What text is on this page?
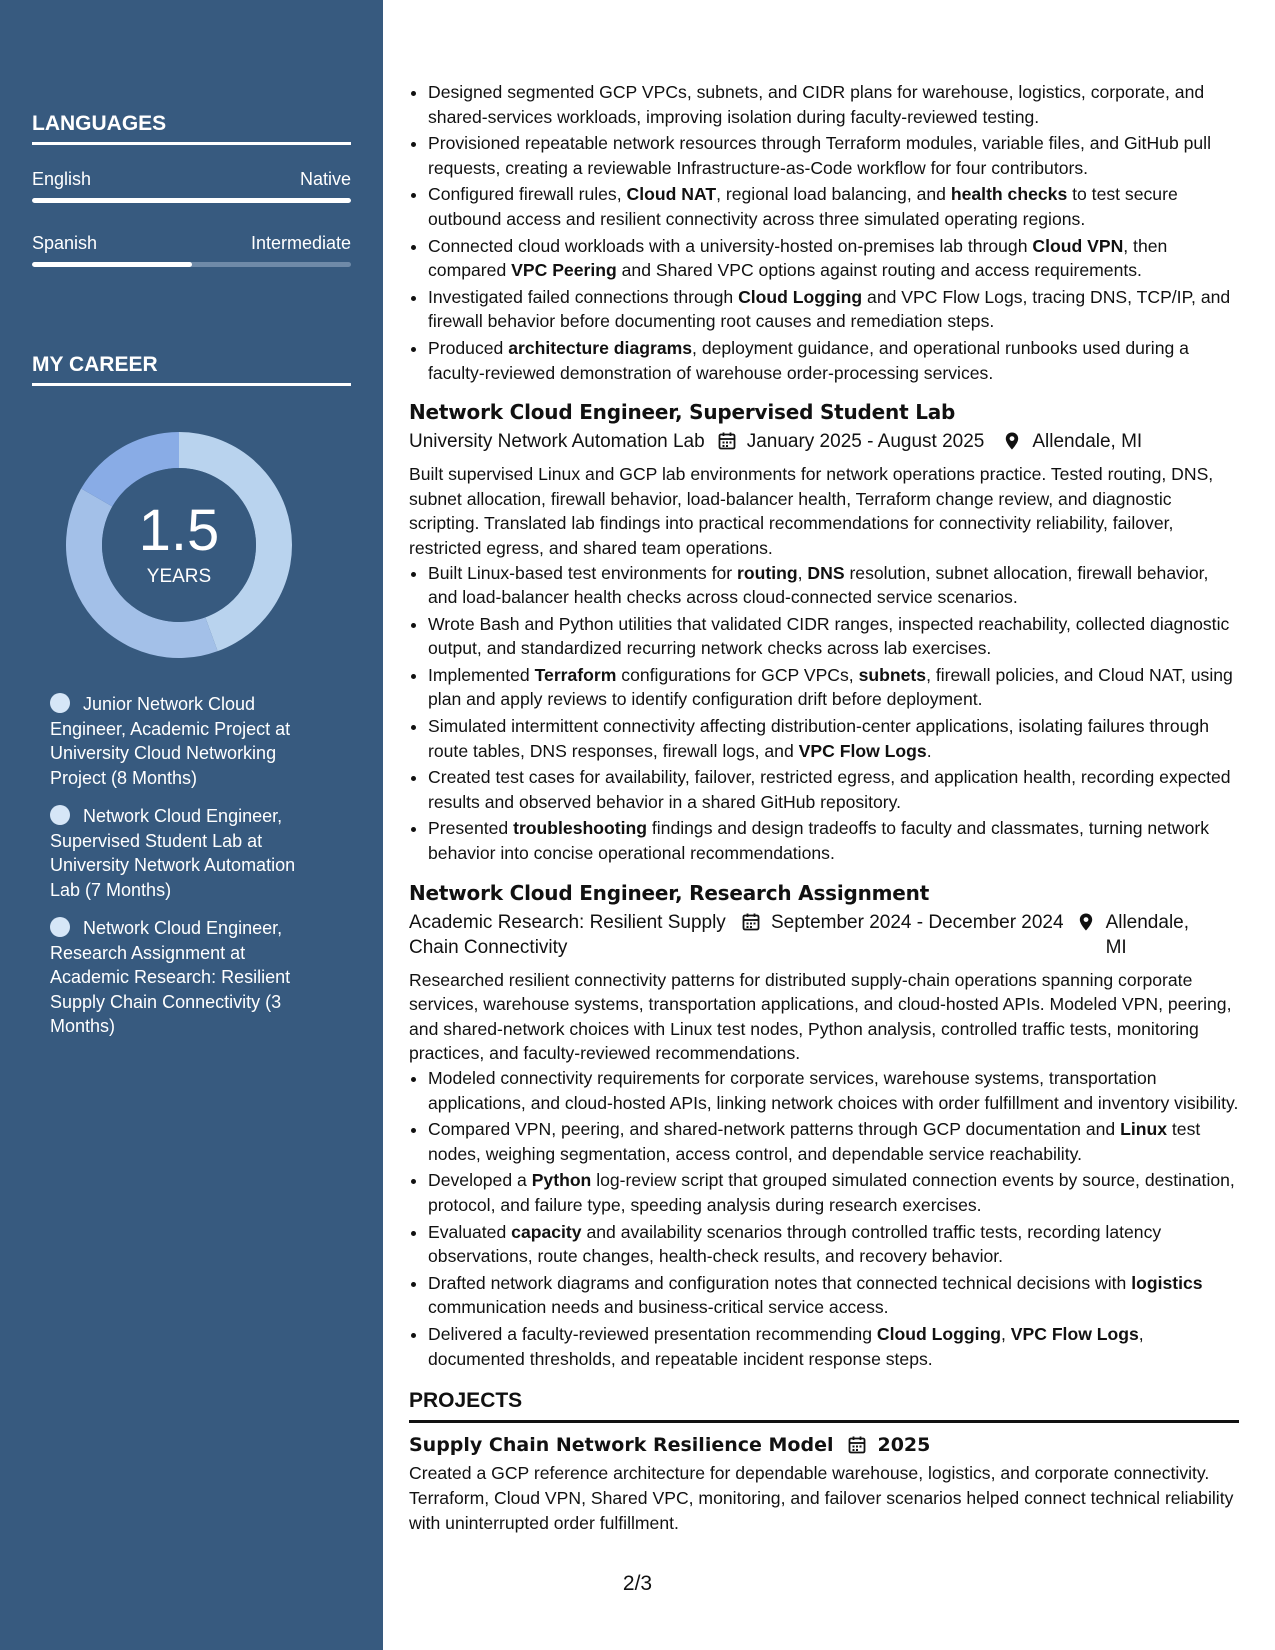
LANGUAGES
English	Native
Spanish	Intermediate
MY CAREER
1.5
YEARS
Junior Network Cloud Engineer, Academic Project at University Cloud Networking Project (8 Months)
Network Cloud Engineer, Supervised Student Lab at University Network Automation Lab (7 Months)
Network Cloud Engineer, Research Assignment at Academic Research: Resilient Supply Chain Connectivity (3 Months)
• Designed segmented GCP VPCs, subnets, and CIDR plans for warehouse, logistics, corporate, and shared-services workloads, improving isolation during faculty-reviewed testing.
• Provisioned repeatable network resources through Terraform modules, variable files, and GitHub pull requests, creating a reviewable Infrastructure-as-Code workflow for four contributors.
• Configured firewall rules, Cloud NAT, regional load balancing, and health checks to test secure outbound access and resilient connectivity across three simulated operating regions.
• Connected cloud workloads with a university-hosted on-premises lab through Cloud VPN, then compared VPC Peering and Shared VPC options against routing and access requirements.
• Investigated failed connections through Cloud Logging and VPC Flow Logs, tracing DNS, TCP/IP, and firewall behavior before documenting root causes and remediation steps.
• Produced architecture diagrams, deployment guidance, and operational runbooks used during a faculty-reviewed demonstration of warehouse order-processing services.
Network Cloud Engineer, Supervised Student Lab
University Network Automation Lab January 2025 - August 2025	Allendale, MI

Built supervised Linux and GCP lab environments for network operations practice. Tested routing, DNS, subnet allocation, firewall behavior, load-balancer health, Terraform change review, and diagnostic scripting. Translated lab findings into practical recommendations for connectivity reliability, failover, restricted egress, and shared team operations.

• Built Linux-based test environments for routing, DNS resolution, subnet allocation, firewall behavior, and load-balancer health checks across cloud-connected service scenarios.
• Wrote Bash and Python utilities that validated CIDR ranges, inspected reachability, collected diagnostic output, and standardized recurring network checks across lab exercises.
• Implemented Terraform configurations for GCP VPCs, subnets, firewall policies, and Cloud NAT, using plan and apply reviews to identify configuration drift before deployment.
• Simulated intermittent connectivity affecting distribution-center applications, isolating failures through route tables, DNS responses, firewall logs, and VPC Flow Logs.
• Created test cases for availability, failover, restricted egress, and application health, recording expected results and observed behavior in a shared GitHub repository.
• Presented troubleshooting findings and design tradeoffs to faculty and classmates, turning network behavior into concise operational recommendations.
Network Cloud Engineer, Research Assignment
Academic Research: Resilient Supply Chain Connectivity
September 2024 - December 2024 Allendale, MI

Researched resilient connectivity patterns for distributed supply-chain operations spanning corporate services, warehouse systems, transportation applications, and cloud-hosted APIs. Modeled VPN, peering, and shared-network choices with Linux test nodes, Python analysis, controlled traffic tests, monitoring practices, and faculty-reviewed recommendations.

• Modeled connectivity requirements for corporate services, warehouse systems, transportation applications, and cloud-hosted APIs, linking network choices with order fulfillment and inventory visibility.
• Compared VPN, peering, and shared-network patterns through GCP documentation and Linux test nodes, weighing segmentation, access control, and dependable service reachability.
• Developed a Python log-review script that grouped simulated connection events by source, destination, protocol, and failure type, speeding analysis during research exercises.
• Evaluated capacity and availability scenarios through controlled traffic tests, recording latency observations, route changes, health-check results, and recovery behavior.
• Drafted network diagrams and configuration notes that connected technical decisions with logistics communication needs and business-critical service access.
• Delivered a faculty-reviewed presentation recommending Cloud Logging, VPC Flow Logs, documented thresholds, and repeatable incident response steps.
PROJECTS
Supply Chain Network Resilience Model 2025

Created a GCP reference architecture for dependable warehouse, logistics, and corporate connectivity. Terraform, Cloud VPN, Shared VPC, monitoring, and failover scenarios helped connect technical reliability with uninterrupted order fulfillment.

2/3
